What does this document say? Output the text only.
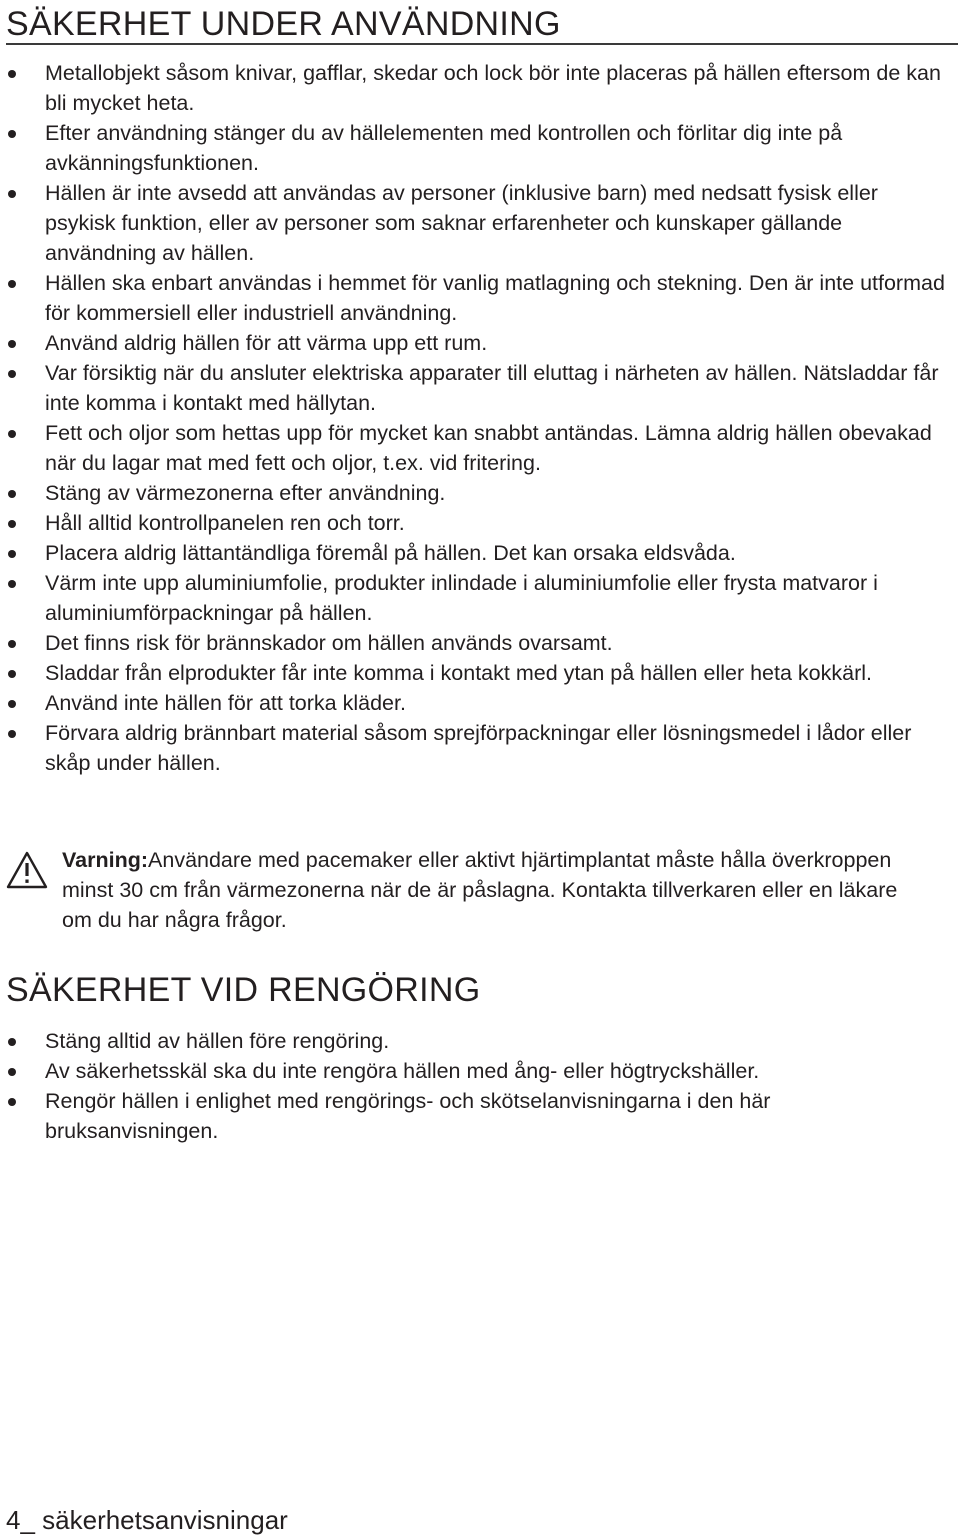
SÄKERHET UNDER ANVÄNDNING
Metallobjekt såsom knivar, gafflar, skedar och lock bör inte placeras på hällen eftersom de kan bli mycket heta.
Efter användning stänger du av hällelementen med kontrollen och förlitar dig inte på avkänningsfunktionen.
Hällen är inte avsedd att användas av personer (inklusive barn) med nedsatt fysisk eller psykisk funktion, eller av personer som saknar erfarenheter och kunskaper gällande användning av hällen.
Hällen ska enbart användas i hemmet för vanlig matlagning och stekning. Den är inte utformad för kommersiell eller industriell användning.
Använd aldrig hällen för att värma upp ett rum.
Var försiktig när du ansluter elektriska apparater till eluttag i närheten av hällen. Nätsladdar får inte komma i kontakt med hällytan.
Fett och oljor som hettas upp för mycket kan snabbt antändas. Lämna aldrig hällen obevakad när du lagar mat med fett och oljor, t.ex. vid fritering.
Stäng av värmezonerna efter användning.
Håll alltid kontrollpanelen ren och torr.
Placera aldrig lättantändliga föremål på hällen. Det kan orsaka eldsvåda.
Värm inte upp aluminiumfolie, produkter inlindade i aluminiumfolie eller frysta matvaror i aluminiumförpackningar på hällen.
Det finns risk för brännskador om hällen används ovarsamt.
Sladdar från elprodukter får inte komma i kontakt med ytan på hällen eller heta kokkärl.
Använd inte hällen för att torka kläder.
Förvara aldrig brännbart material såsom sprejförpackningar eller lösningsmedel i lådor eller skåp under hällen.
Varning:Användare med pacemaker eller aktivt hjärtimplantat måste hålla överkroppen minst 30 cm från värmezonerna när de är påslagna. Kontakta tillverkaren eller en läkare om du har några frågor.
SÄKERHET VID RENGÖRING
Stäng alltid av hällen före rengöring.
Av säkerhetsskäl ska du inte rengöra hällen med ång- eller högtryckshäller.
Rengör hällen i enlighet med rengörings- och skötselanvisningarna i den här bruksanvisningen.
4_ säkerhetsanvisningar
